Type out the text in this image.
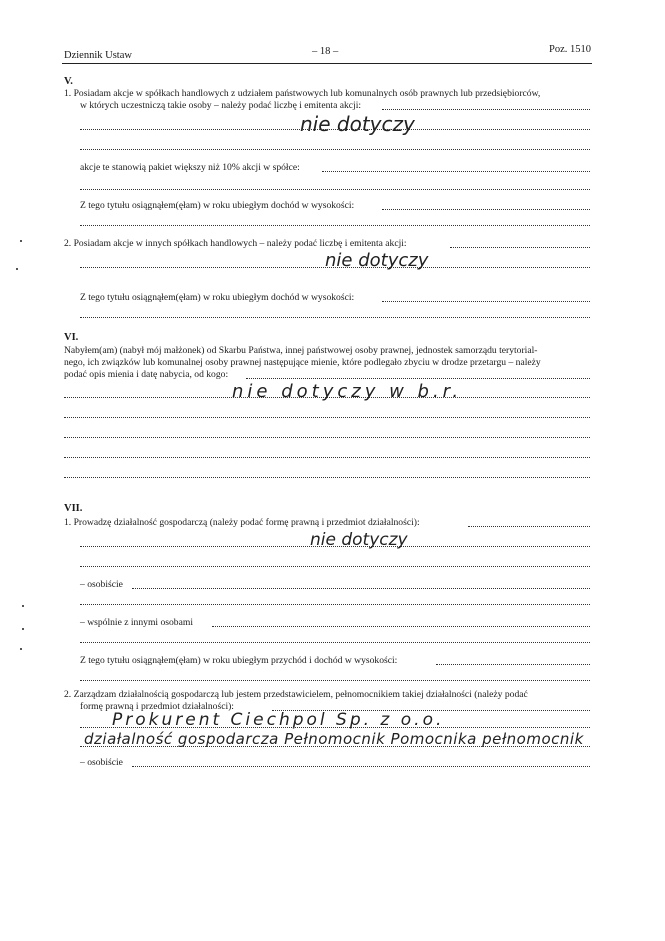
Dziennik Ustaw	– 18 –	Poz. 1510
V.
1. Posiadam akcje w spółkach handlowych z udziałem państwowych lub komunalnych osób prawnych lub przedsiębiorców,
w których uczestniczą takie osoby – należy podać liczbę i emitenta akcji:
nie dotyczy
akcje te stanowią pakiet większy niż 10% akcji w spółce:
Z tego tytułu osiągnąłem(ęłam) w roku ubiegłym dochód w wysokości:
2. Posiadam akcje w innych spółkach handlowych – należy podać liczbę i emitenta akcji:
nie dotyczy
Z tego tytułu osiągnąłem(ęłam) w roku ubiegłym dochód w wysokości:
VI.
Nabyłem(am) (nabył mój małżonek) od Skarbu Państwa, innej państwowej osoby prawnej, jednostek samorządu terytorial-
nego, ich związków lub komunalnej osoby prawnej następujące mienie, które podlegało zbyciu w drodze przetargu – należy
podać opis mienia i datę nabycia, od kogo:
nie dotyczy w b.r.
VII.
1. Prowadzę działalność gospodarczą (należy podać formę prawną i przedmiot działalności):
nie dotyczy
– osobiście
– wspólnie z innymi osobami
Z tego tytułu osiągnąłem(ęłam) w roku ubiegłym przychód i dochód w wysokości:
2. Zarządzam działalnością gospodarczą lub jestem przedstawicielem, pełnomocnikiem takiej działalności (należy podać
formę prawną i przedmiot działalności):
Prokurent Ciechpol Sp. z o.o.
działalność gospodarcza Pełnomocnik Pomocnika pełnomocnik
– osobiście
